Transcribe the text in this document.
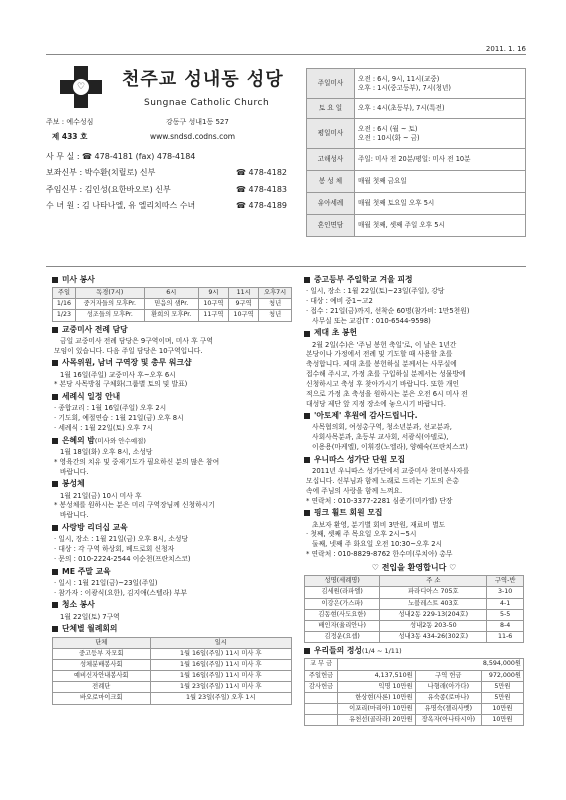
2011. 1. 16
♡ 천주교 성내동 성당
Sungnae Catholic Church
주보 : 예수성심	강동구 성내1동 527
제 433 호	www.sndsd.codns.com
사 무 실 : ☎ 478-4181 (fax) 478-4184
보좌신부 : 박수환(치릴로) 신부	☎ 478-4182
주임신부 : 김인성(요한바오로) 신부	☎ 478-4183
수 녀 원 : 김 나타나엘, 유 엘리치따스 수녀	☎ 478-4189
주일미사	오전 : 6시, 9시, 11시(교중)
오후 : 1시(중고등부), 7시(청년)
토 요 일	오후 : 4시(초등부), 7시(특전)
평일미사	오전 : 6시 (월 ~ 토)
오전 : 10시(화 ~ 금)
고해성사	주일: 미사 전 20분/평일: 미사 전 10분
봉 성 체	매월 첫째 금요일
유아세례	매월 첫째 토요일 오후 5시
혼인면담	매월 첫째, 셋째 주일 오후 5시
미사 봉사
주일	독경(7시)	6시	9시	11시	오후7시
1/16	중거자들의 모후Pr.	믿음의 샘Pr.	10구역	9구역	청년
1/23	성조들의 모후Pr.	환희의 모후Pr.	11구역	10구역	청년
교중미사 전례 담당
금일 교중미사 전례 담당은 9구역이며, 미사 후 구역
모임이 있습니다. 다음 주일 담당은 10구역입니다.
사목위원, 남녀 구역장 및 총무 워크샵
1월 16일(주일) 교중미사 후~오후 6시
* 본당 사목방침 구체화(그룹별 토의 및 발표)
세례식 일정 안내
· 종합교리 : 1월 16일(주일) 오후 2시
· 기도회, 예절연습 : 1월 21일(금) 오후 8시
· 세례식 : 1월 22일(토) 오후 7시
은혜의 밤 (미사와 안수예절)
1월 18일(화) 오후 8시, 소성당
* 영육간의 치유 및 중재기도가 필요하신 분의 많은 참여
바랍니다.
봉성체
1월 21일(금) 10시 미사 후
* 봉성체를 원하시는 분은 미리 구역장님께 신청하시기
바랍니다.
사랑방 리더십 교육
· 일시, 장소 : 1월 21일(금) 오후 8시, 소성당
· 대상 : 각 구역 하상회, 베드로회 신청자
· 문의 : 010-2224-2544 이순천(프란치스코)
ME 주말 교육
· 일시 : 1월 21일(금)~23일(주일)
· 참가자 : 이광식(요한), 김지애(스텔라) 부부
청소 봉사
1월 22일(토) 7구역
단체별 월례회의
단체	일시
중고등부 자모회	1월 16일(주일) 11시 미사 후
성체분배봉사회	1월 16일(주일) 11시 미사 후
예비신자안내봉사회	1월 16일(주일) 11시 미사 후
전례단	1월 23일(주일) 11시 미사 후
바오로마이크회	1월 23일(주일) 오후 1시
중고등부 주일학교 겨울 피정
· 일시, 장소 : 1월 22일(토)~23일(주일), 강당
· 대상 : 예비 중1~고2
· 접수 : 21일(금)까지, 선착순 60명(참가비: 1만5천원)
사무실 또는 교감(T : 010-6544-9598)
제대 초 봉헌
2월 2일(수)은 '주님 봉헌 축일'로, 이 날은 1년간
본당이나 가정에서 전례 및 기도할 때 사용할 초를
축성합니다. 제대 초를 봉헌하실 분께서는 사무실에
접수해 주시고, 가정 초를 구입하실 분께서는 성물방에
신청하시고 축성 후 찾아가시기 바랍니다. 또한 개인
적으로 가정 초 축성을 원하시는 분은 오전 6시 미사 전
대성당 제단 앞 지정 장소에 놓으시기 바랍니다.
'아토제' 후원에 감사드립니다.
사목협의회, 여성총구역, 청소년분과, 선교분과,
사회사목분과, 초등부 교사회, 서광식(아델로),
이용용(마케엘), 이휘경(노엘라), 양혜숙(프란치스코)
우니따스 성가단 단원 모집
2011년 우니따스 성가단에서 교중미사 찬미봉사자를
모십니다. 신부님과 함께 노래로 드리는 기도의 은총
속에 주님의 사랑을 함께 느껴요.
* 연락처 : 010-3377-2281 심준기(미카엘) 단장
핑크 휠트 회원 모집
초보자 환영, 분기별 회비 3만원, 재료비 별도
· 첫째, 셋째 주 목요일 오후 2시~5시
둘째, 넷째 주 화요일 오전 10:30~오후 2시
* 연락처 : 010-8829-8762 한수미(루치아) 총무
♡ 전입을 환영합니다 ♡
성명(세례명)	주 소	구역-반
김세원(라파엘)	파라디아스 705호	3-10
이강은(가스파)	노블레스트 403호	4-1
김동현(사도요한)	성내2동 229-13(204호)	5-5
배인자(율리안나)	성내2동 203-50	8-4
김정운(요셉)	성내3동 434-26(302호)	11-6
우리들의 정성 (1/4 ~ 1/11)
교 무 금	8,594,000원		
주일헌금	4,137,510원	구역 헌금	972,000원
감사헌금	익명 10만원	나형래(아가다)	5만원
	한상현(사론) 10만원	유숙종(로마나)	5만원
	이포리(마리아) 10만원	유명숙(젤리사벳)	10만원
	유천선(골라라) 20만원	장옥자(아나타시아)	10만원
